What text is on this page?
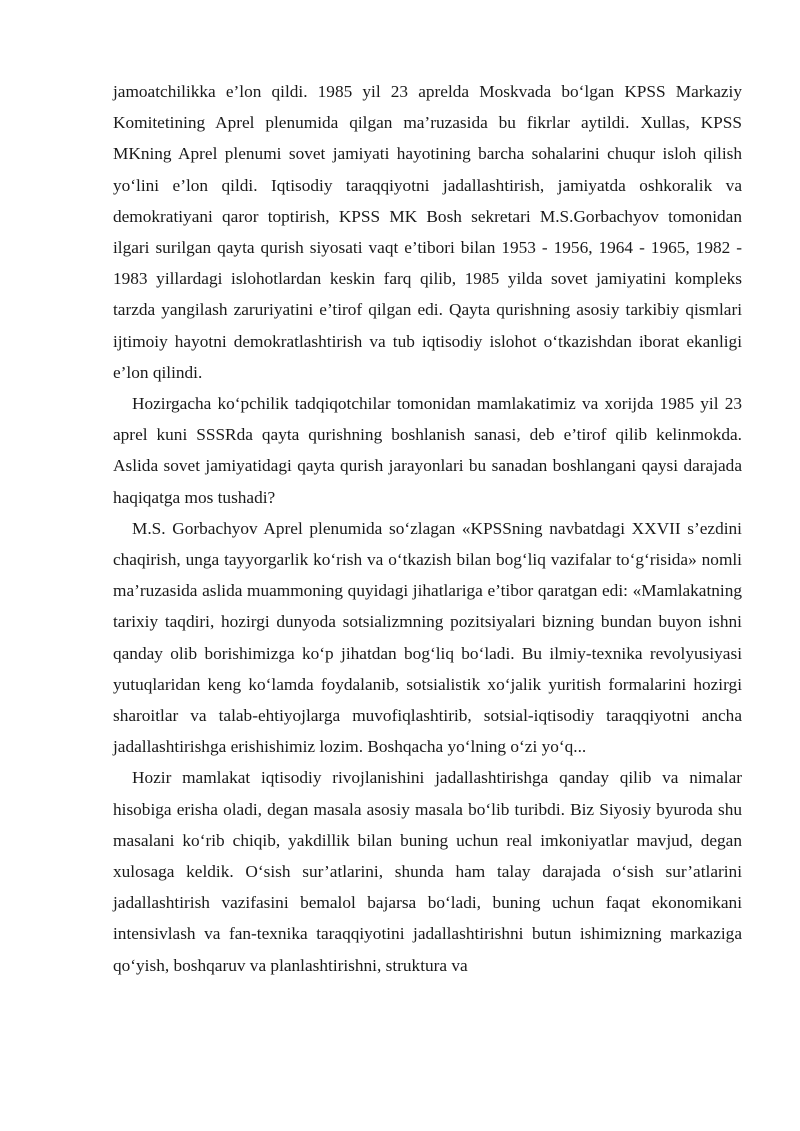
jamoatchilikka e’lon qildi. 1985 yil 23 aprelda Moskvada bo‘lgan KPSS Markaziy Komitetining Aprel plenumida qilgan ma’ruzasida bu fikrlar aytildi. Xullas, KPSS MKning Aprel plenumi sovet jamiyati hayotining barcha sohalarini chuqur isloh qilish yo‘lini e’lon qildi. Iqtisodiy taraqqiyotni jadallashtirish, jamiyatda oshkoralik va demokratiyani qaror toptirish, KPSS MK Bosh sekretari M.S.Gorbachyov tomonidan ilgari surilgan qayta qurish siyosati vaqt e’tibori bilan 1953 - 1956, 1964 - 1965, 1982 - 1983 yillardagi islohotlardan keskin farq qilib, 1985 yilda sovet jamiyatini kompleks tarzda yangilash zaruriyatini e’tirof qilgan edi. Qayta qurishning asosiy tarkibiy qismlari ijtimoiy hayotni demokratlashtirish va tub iqtisodiy islohot o‘tkazishdan iborat ekanligi e’lon qilindi.

Hozirgacha ko‘pchilik tadqiqotchilar tomonidan mamlakatimiz va xorijda 1985 yil 23 aprel kuni SSSRda qayta qurishning boshlanish sanasi, deb e’tirof qilib kelinmokda. Aslida sovet jamiyatidagi qayta qurish jarayonlari bu sanadan boshlangani qaysi darajada haqiqatga mos tushadi?

M.S. Gorbachyov Aprel plenumida so‘zlagan «KPSSning navbatdagi XXVII s’ezdini chaqirish, unga tayyorgarlik ko‘rish va o‘tkazish bilan bog‘liq vazifalar to‘g‘risida» nomli ma’ruzasida aslida muammoning quyidagi jihatlariga e’tibor qaratgan edi: «Mamlakatning tarixiy taqdiri, hozirgi dunyoda sotsializmning pozitsiyalari bizning bundan buyon ishni qanday olib borishimizga ko‘p jihatdan bog‘liq bo‘ladi. Bu ilmiy-texnika revolyusiyasi yutuqlaridan keng ko‘lamda foydalanib, sotsialistik xo‘jalik yuritish formalarini hozirgi sharoitlar va talab-ehtiyojlarga muvofiqlashtirib, sotsial-iqtisodiy taraqqiyotni ancha jadallashtirishga erishishimiz lozim. Boshqacha yo‘lning o‘zi yo‘q...

Hozir mamlakat iqtisodiy rivojlanishini jadallashtirishga qanday qilib va nimalar hisobiga erisha oladi, degan masala asosiy masala bo‘lib turibdi. Biz Siyosiy byuroda shu masalani ko‘rib chiqib, yakdillik bilan buning uchun real imkoniyatlar mavjud, degan xulosaga keldik. O‘sish sur’atlarini, shunda ham talay darajada o‘sish sur’atlarini jadallashtirish vazifasini bemalol bajarsa bo‘ladi, buning uchun faqat ekonomikani intensivlash va fan-texnika taraqqiyotini jadallashtirishni butun ishimizning markaziga qo‘yish, boshqaruv va planlashtirishni, struktura va
